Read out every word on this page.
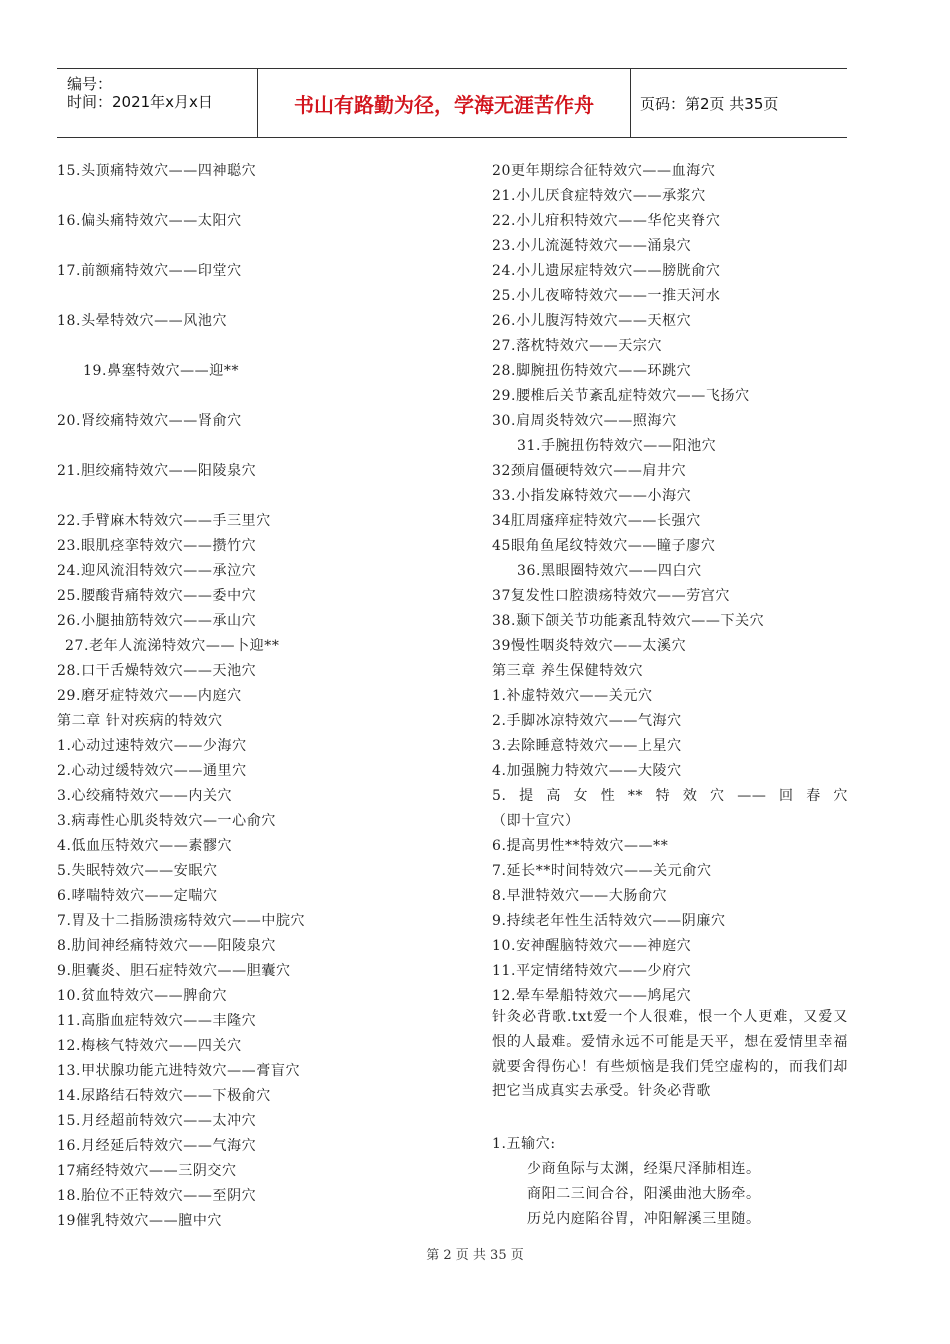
编号：
时间：2021年x月x日	书山有路勤为径，学海无涯苦作舟	页码：第2页 共35页
15.头顶痛特效穴——四神聪穴
16.偏头痛特效穴——太阳穴
17.前额痛特效穴——印堂穴
18.头晕特效穴——风池穴
19.鼻塞特效穴——迎**
20.肾绞痛特效穴——肾俞穴
21.胆绞痛特效穴——阳陵泉穴
22.手臂麻木特效穴——手三里穴
23.眼肌痉挛特效穴——攒竹穴
24.迎风流泪特效穴——承泣穴
25.腰酸背痛特效穴——委中穴
26.小腿抽筋特效穴——承山穴
27.老年人流涕特效穴——卜迎**
28.口干舌燥特效穴——天池穴
29.磨牙症特效穴——内庭穴
第二章 针对疾病的特效穴
1.心动过速特效穴——少海穴
2.心动过缓特效穴——通里穴
3.心绞痛特效穴——内关穴
3.病毒性心肌炎特效穴—一心俞穴
4.低血压特效穴——素髎穴
5.失眠特效穴——安眠穴
6.哮喘特效穴——定喘穴
7.胃及十二指肠溃疡特效穴——中脘穴
8.肋间神经痛特效穴——阳陵泉穴
9.胆囊炎、胆石症特效穴——胆囊穴
10.贫血特效穴——脾俞穴
11.高脂血症特效穴——丰隆穴
12.梅核气特效穴——四关穴
13.甲状腺功能亢进特效穴——膏盲穴
14.尿路结石特效穴——下极俞穴
15.月经超前特效穴——太冲穴
16.月经延后特效穴——气海穴
17痛经特效穴——三阴交穴
18.胎位不正特效穴——至阴穴
19催乳特效穴——膻中穴
20更年期综合征特效穴——血海穴
21.小儿厌食症特效穴——承浆穴
22.小儿疳积特效穴——华佗夹脊穴
23.小儿流涎特效穴——涌泉穴
24.小儿遗尿症特效穴——膀胱俞穴
25.小儿夜啼特效穴——一推天河水
26.小儿腹泻特效穴——天枢穴
27.落枕特效穴——天宗穴
28.脚腕扭伤特效穴——环跳穴
29.腰椎后关节紊乱症特效穴——飞扬穴
30.肩周炎特效穴——照海穴
31.手腕扭伤特效穴——阳池穴
32颈肩僵硬特效穴——肩井穴
33.小指发麻特效穴——小海穴
34肛周瘙痒症特效穴——长强穴
45眼角鱼尾纹特效穴——瞳子廖穴
36.黑眼圈特效穴——四白穴
37复发性口腔溃疡特效穴——劳宫穴
38.颞下颌关节功能紊乱特效穴——下关穴
39慢性咽炎特效穴——太溪穴
第三章 养生保健特效穴
1.补虚特效穴——关元穴
2.手脚冰凉特效穴——气海穴
3.去除睡意特效穴——上星穴
4.加强腕力特效穴——大陵穴
5.提高女性**特效穴——回春穴
（即十宣穴）
6.提高男性**特效穴——**
7.延长**时间特效穴——关元俞穴
8.早泄特效穴——大肠俞穴
9.持续老年性生活特效穴——阴廉穴
10.安神醒脑特效穴——神庭穴
11.平定情绪特效穴——少府穴
12.晕车晕船特效穴——鸠尾穴
针灸必背歌.txt爱一个人很难，恨一个人更难，又爱又恨的人最难。爱情永远不可能是天平，想在爱情里幸福就要舍得伤心！有些烦恼是我们凭空虚构的，而我们却把它当成真实去承受。针灸必背歌
1.五输穴:
少商鱼际与太渊，经渠尺泽肺相连。
商阳二三间合谷，阳溪曲池大肠牵。
历兑内庭陷谷胃，冲阳解溪三里随。
第 2 页 共 35 页
